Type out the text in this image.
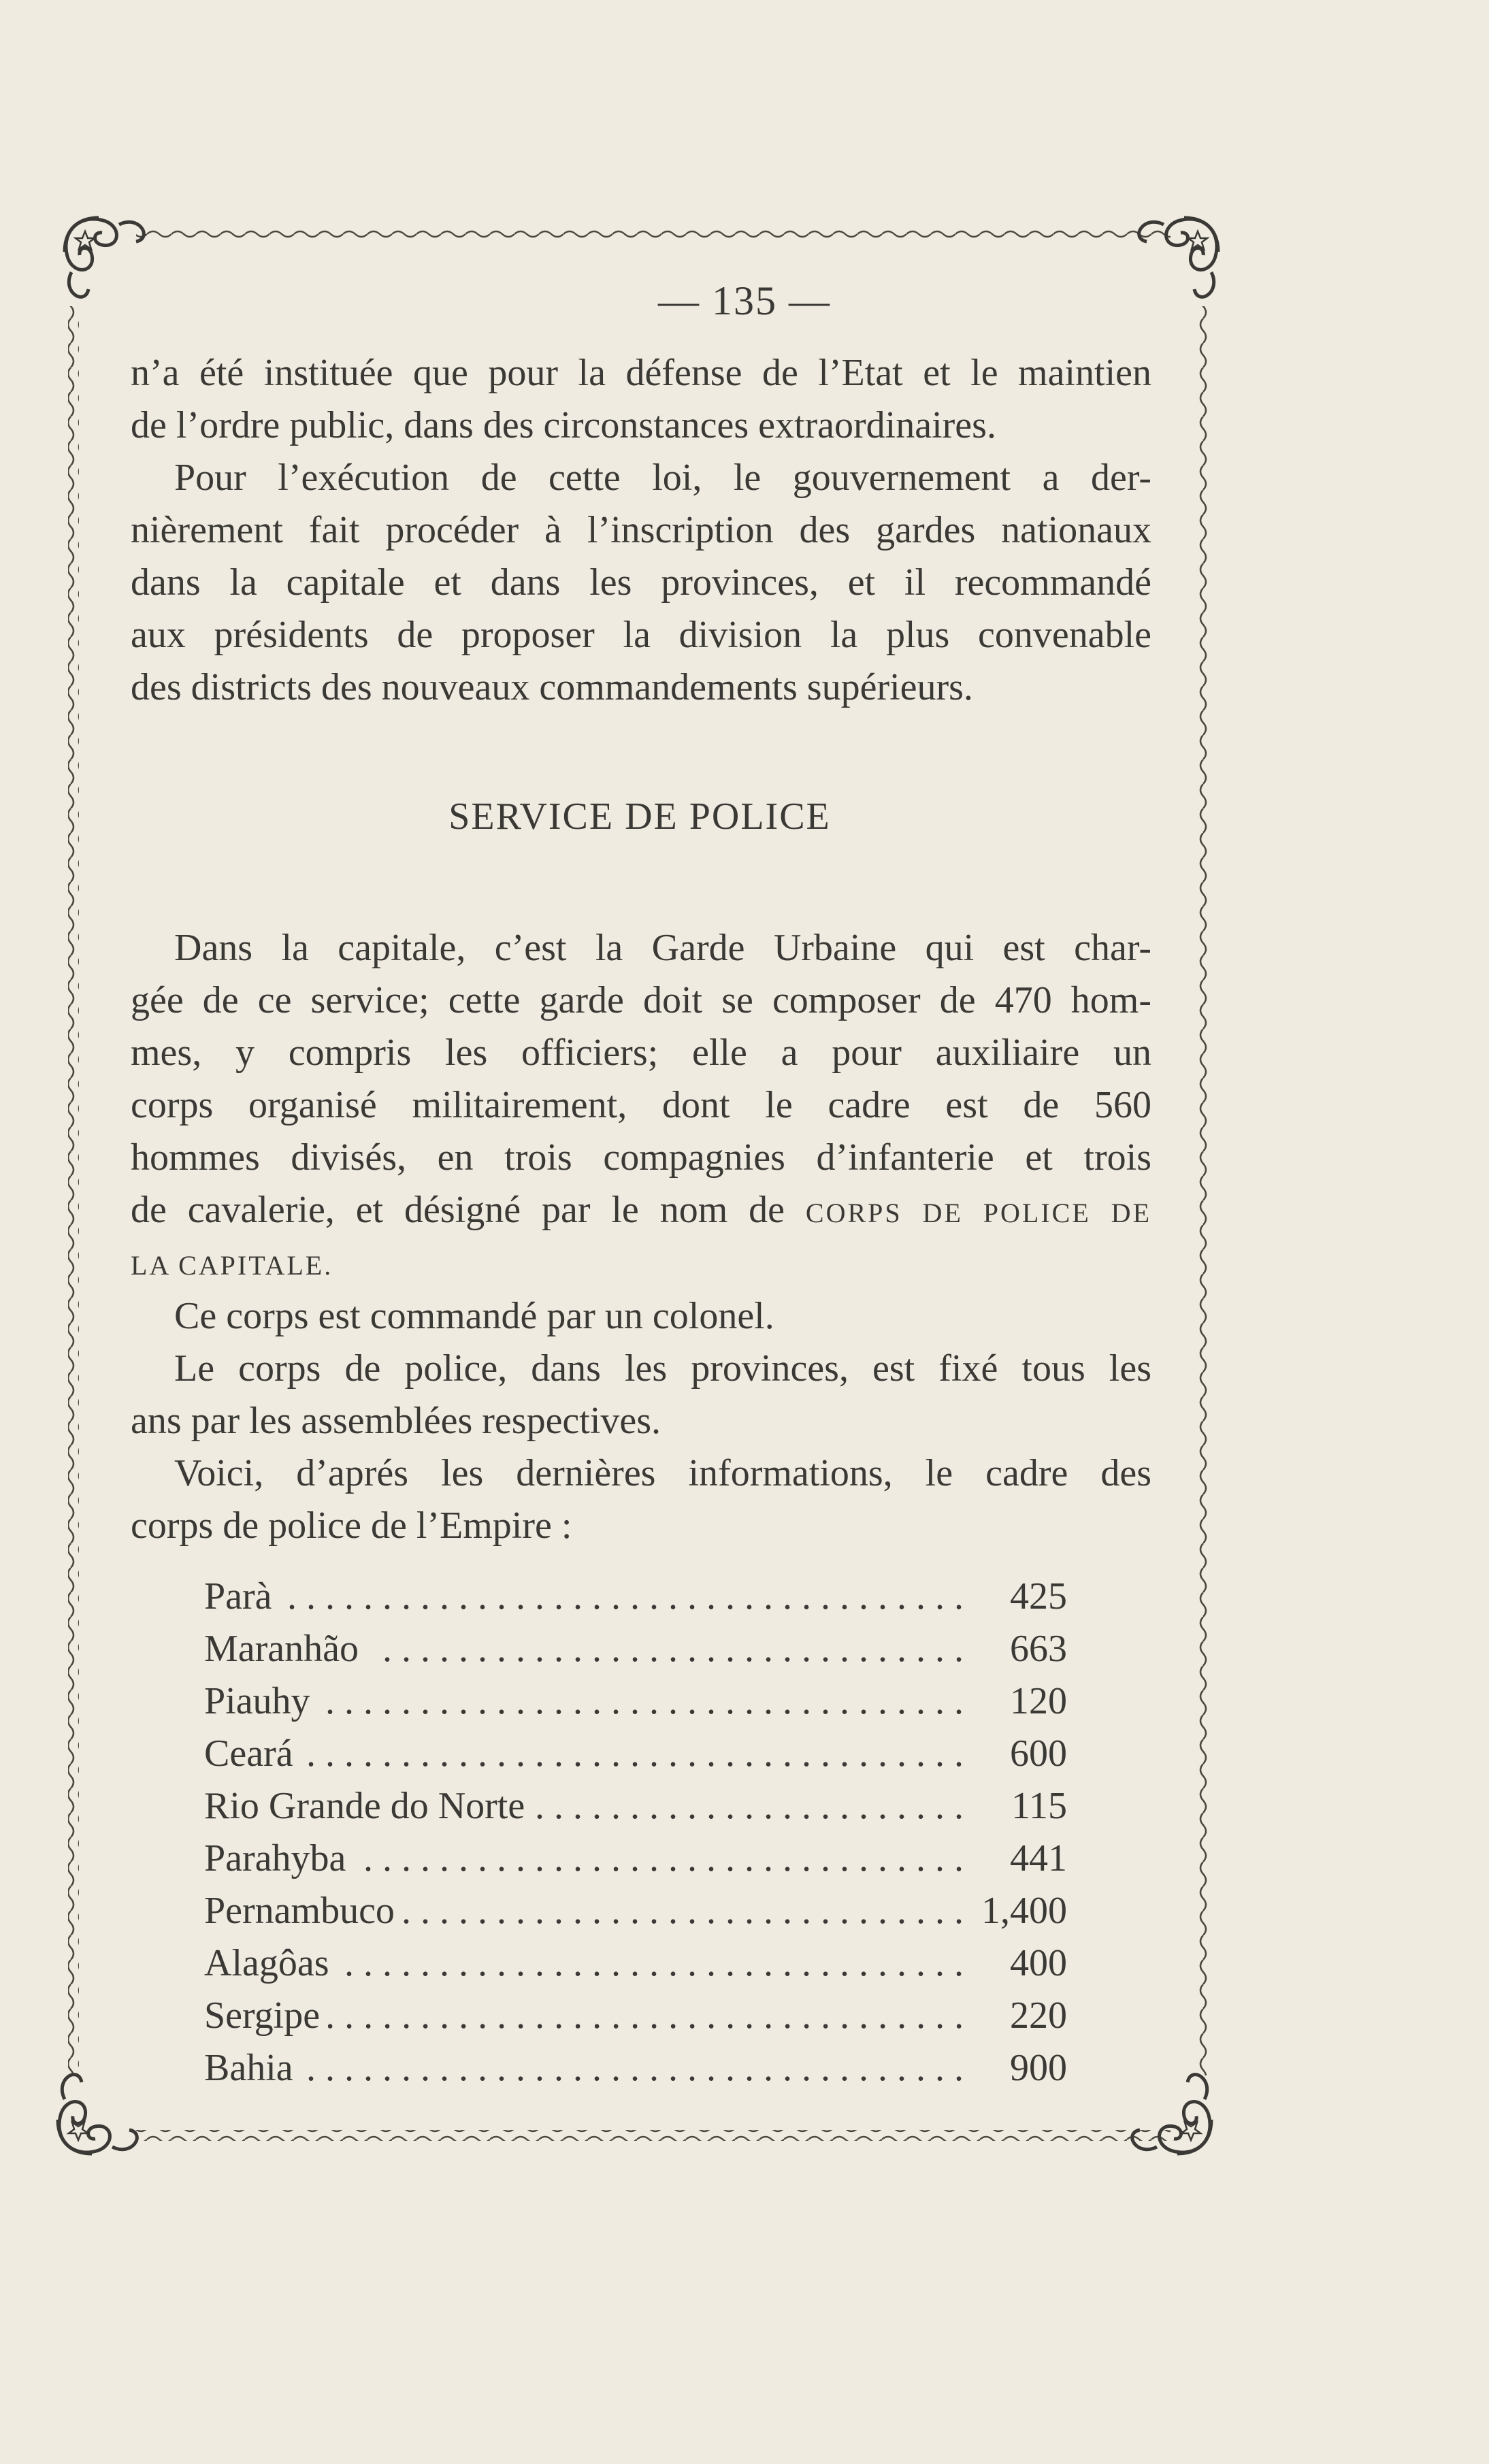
— 135 —
n’a été instituée que pour la défense de l’Etat et le maintien
de l’ordre public, dans des circonstances extraordinaires.
Pour l’exécution de cette loi, le gouvernement a der-
nièrement fait procéder à l’inscription des gardes nationaux
dans la capitale et dans les provinces, et il recommandé
aux présidents de proposer la division la plus convenable
des districts des nouveaux commandements supérieurs.
SERVICE DE POLICE
Dans la capitale, c’est la Garde Urbaine qui est char-
gée de ce service; cette garde doit se composer de 470 hom-
mes, y compris les officiers; elle a pour auxiliaire un
corps organisé militairement, dont le cadre est de 560
hommes divisés, en trois compagnies d’infanterie et trois
de cavalerie, et désigné par le nom de CORPS DE POLICE DE
LA CAPITALE.
Ce corps est commandé par un colonel.
Le corps de police, dans les provinces, est fixé tous les
ans par les assemblées respectives.
Voici, d’aprés les dernières informations, le cadre des
corps de police de l’Empire :
Parà .................................... 425
Maranhão ............................... 663
Piauhy .................................. 120
Ceará ................................... 600
Rio Grande do Norte .......................	115
Parahyba ................................ 441
Pernambuco .............................. 1,400
Alagôas ................................. 400
Sergipe .................................. 220
Bahia ................................... 900
